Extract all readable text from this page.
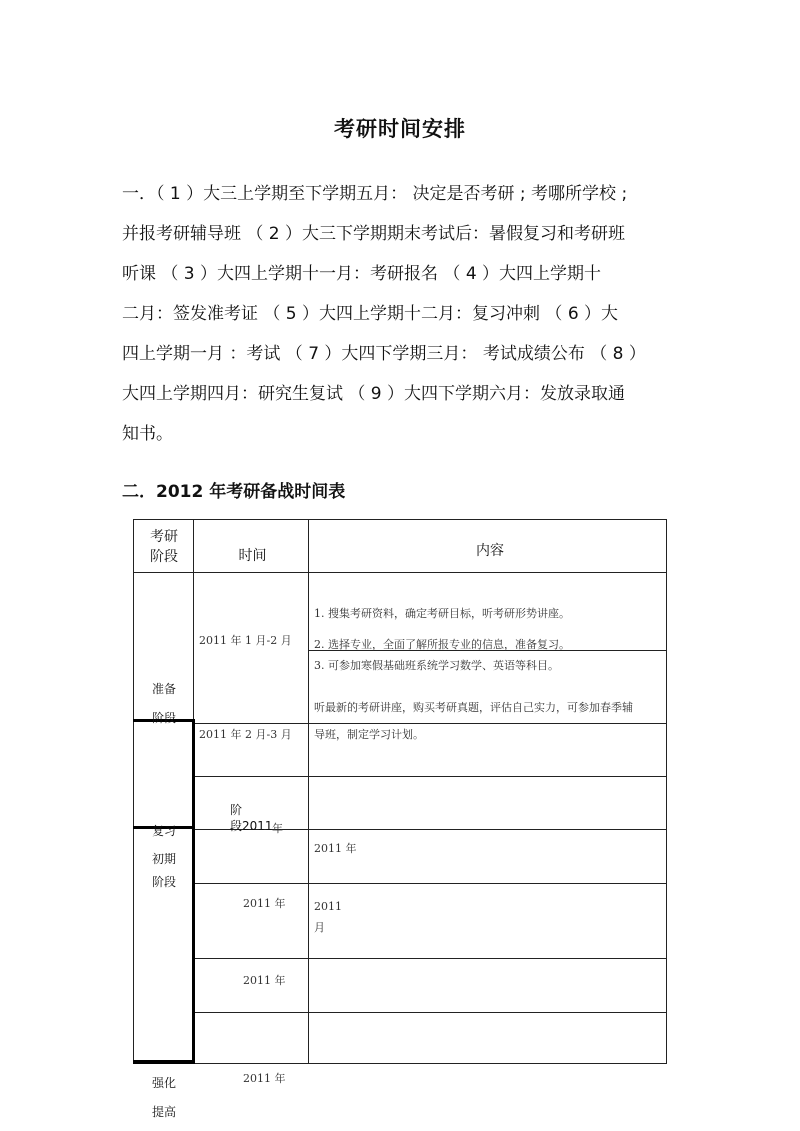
考研时间安排
一．（ 1 ）大三上学期至下学期五月： 决定是否考研 ; 考哪所学校 ;
并报考研辅导班 （ 2 ）大三下学期期末考试后：暑假复习和考研班
听课 （ 3 ）大四上学期十一月：考研报名 （ 4 ）大四上学期十
二月：签发准考证 （ 5 ）大四上学期十二月：复习冲刺 （ 6 ）大
四上学期一月 ：考试 （ 7 ）大四下学期三月： 考试成绩公布 （ 8 ）
大四上学期四月：研究生复试 （ 9 ）大四下学期六月：发放录取通
知书。
二．2012 年考研备战时间表
考研
阶段	时间	内容
准备
阶段
阶
段2011 年
复习
初期
阶段
强化
提高
2011 年 1 月-2 月
2011 年 2 月-3 月
2011 年
2011 年
2011 年
1. 搜集考研资料，确定考研目标，听考研形势讲座。
2. 选择专业，全面了解所报专业的信息，准备复习。
3. 可参加寒假基础班系统学习数学、英语等科目。
听最新的考研讲座，购买考研真题，评估自己实力，可参加春季辅
导班，制定学习计划。
2011 年
2011
月
